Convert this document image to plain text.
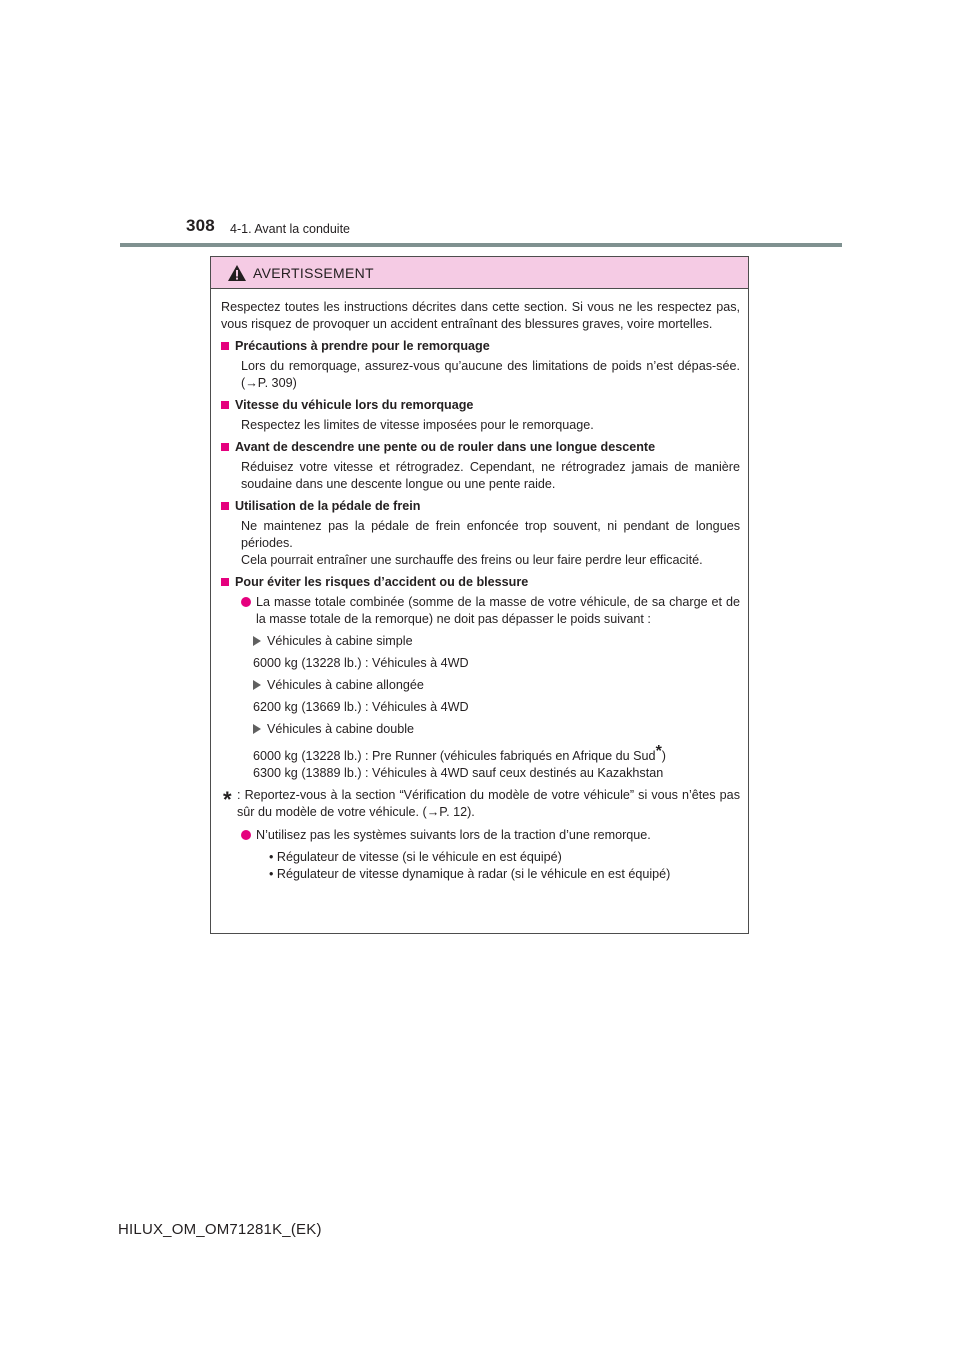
308 4-1. Avant la conduite
AVERTISSEMENT

Respectez toutes les instructions décrites dans cette section. Si vous ne les respectez pas, vous risquez de provoquer un accident entraînant des blessures graves, voire mortelles.

Précautions à prendre pour le remorquage
Lors du remorquage, assurez-vous qu’aucune des limitations de poids n’est dépas-sée. (→P. 309)
Vitesse du véhicule lors du remorquage
Respectez les limites de vitesse imposées pour le remorquage.
Avant de descendre une pente ou de rouler dans une longue descente
Réduisez votre vitesse et rétrogradez. Cependant, ne rétrogradez jamais de manière soudaine dans une descente longue ou une pente raide.
Utilisation de la pédale de frein
Ne maintenez pas la pédale de frein enfoncée trop souvent, ni pendant de longues périodes.
Cela pourrait entraîner une surchauffe des freins ou leur faire perdre leur efficacité.
Pour éviter les risques d’accident ou de blessure
La masse totale combinée (somme de la masse de votre véhicule, de sa charge et de la masse totale de la remorque) ne doit pas dépasser le poids suivant :
Véhicules à cabine simple
6000 kg (13228 lb.) : Véhicules à 4WD
Véhicules à cabine allongée
6200 kg (13669 lb.) : Véhicules à 4WD
Véhicules à cabine double
6000 kg (13228 lb.) : Pre Runner (véhicules fabriqués en Afrique du Sud*)
6300 kg (13889 lb.) : Véhicules à 4WD sauf ceux destinés au Kazakhstan
* : Reportez-vous à la section “Vérification du modèle de votre véhicule” si vous n’êtes pas sûr du modèle de votre véhicule. (→P. 12).
N’utilisez pas les systèmes suivants lors de la traction d’une remorque.
• Régulateur de vitesse (si le véhicule en est équipé)
• Régulateur de vitesse dynamique à radar (si le véhicule en est équipé)
HILUX_OM_OM71281K_(EK)
